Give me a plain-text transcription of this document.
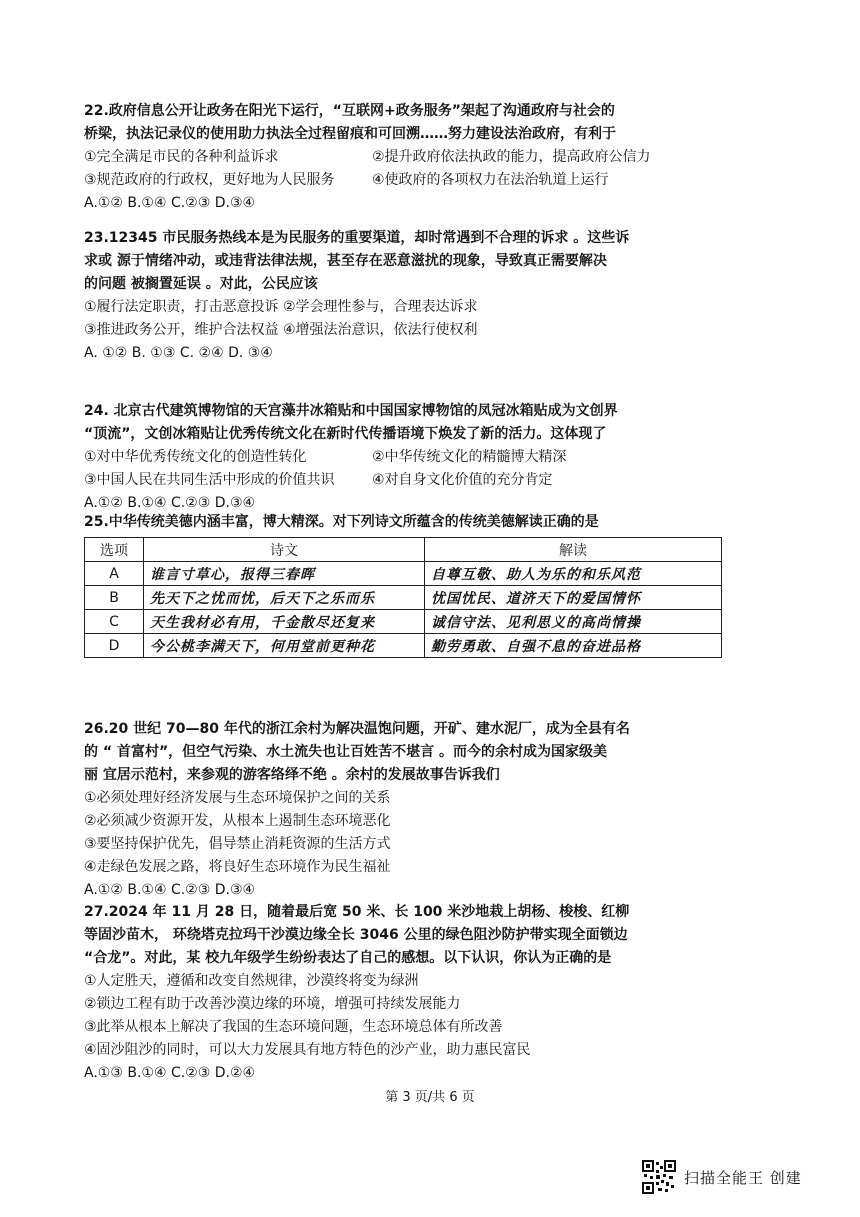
22.政府信息公开让政务在阳光下运行，“互联网+政务服务”架起了沟通政府与社会的

桥梁，执法记录仪的使用助力执法全过程留痕和可回溯……努力建设法治政府，有利于

①完全满足市民的各种利益诉求	②提升政府依法执政的能力，提高政府公信力

③规范政府的行政权，更好地为人民服务	④使政府的各项权力在法治轨道上运行

A.①② B.①④ C.②③ D.③④

23.12345 市民服务热线本是为民服务的重要渠道，却时常遇到不合理的诉求 。这些诉

求或 源于情绪冲动，或违背法律法规，甚至存在恶意滋扰的现象，导致真正需要解决

的问题 被搁置延误 。对此，公民应该

①履行法定职责，打击恶意投诉 ②学会理性参与，合理表达诉求

③推进政务公开，维护合法权益 ④增强法治意识，依法行使权利

A. ①② B. ①③ C. ②④ D. ③④

24. 北京古代建筑博物馆的天宫藻井冰箱贴和中国国家博物馆的凤冠冰箱贴成为文创界

“顶流”，文创冰箱贴让优秀传统文化在新时代传播语境下焕发了新的活力。这体现了

①对中华优秀传统文化的创造性转化	②中华传统文化的精髓博大精深

③中国人民在共同生活中形成的价值共识	④对自身文化价值的充分肯定

A.①② B.①④ C.②③ D.③④

25.中华传统美德内涵丰富，博大精深。对下列诗文所蕴含的传统美德解读正确的是

选项	诗文	解读
A	谁言寸草心，报得三春晖	自尊互敬、助人为乐的和乐风范
B	先天下之忧而忧，后天下之乐而乐	忧国忧民、道济天下的爱国情怀
C	天生我材必有用，千金散尽还复来	诚信守法、见利思义的高尚情操
D	今公桃李满天下，何用堂前更种花	勤劳勇敢、自强不息的奋进品格

26.20 世纪 70—80 年代的浙江余村为解决温饱问题，开矿、建水泥厂，成为全县有名

的 “ 首富村”，但空气污染、水土流失也让百姓苦不堪言 。而今的余村成为国家级美

丽 宜居示范村，来参观的游客络绎不绝 。余村的发展故事告诉我们

①必须处理好经济发展与生态环境保护之间的关系

②必须减少资源开发，从根本上遏制生态环境恶化

③要坚持保护优先，倡导禁止消耗资源的生活方式

④走绿色发展之路，将良好生态环境作为民生福祉

A.①② B.①④ C.②③ D.③④

27.2024 年 11 月 28 日，随着最后宽 50 米、长 100 米沙地栽上胡杨、梭梭、红柳

等固沙苗木， 环绕塔克拉玛干沙漠边缘全长 3046 公里的绿色阻沙防护带实现全面锁边

“合龙”。对此，某 校九年级学生纷纷表达了自己的感想。以下认识，你认为正确的是

①人定胜天，遵循和改变自然规律，沙漠终将变为绿洲

②锁边工程有助于改善沙漠边缘的环境，增强可持续发展能力

③此举从根本上解决了我国的生态环境问题，生态环境总体有所改善

④固沙阻沙的同时，可以大力发展具有地方特色的沙产业，助力惠民富民

A.①③ B.①④ C.②③ D.②④

第 3 页/共 6 页
扫描全能王 创建
